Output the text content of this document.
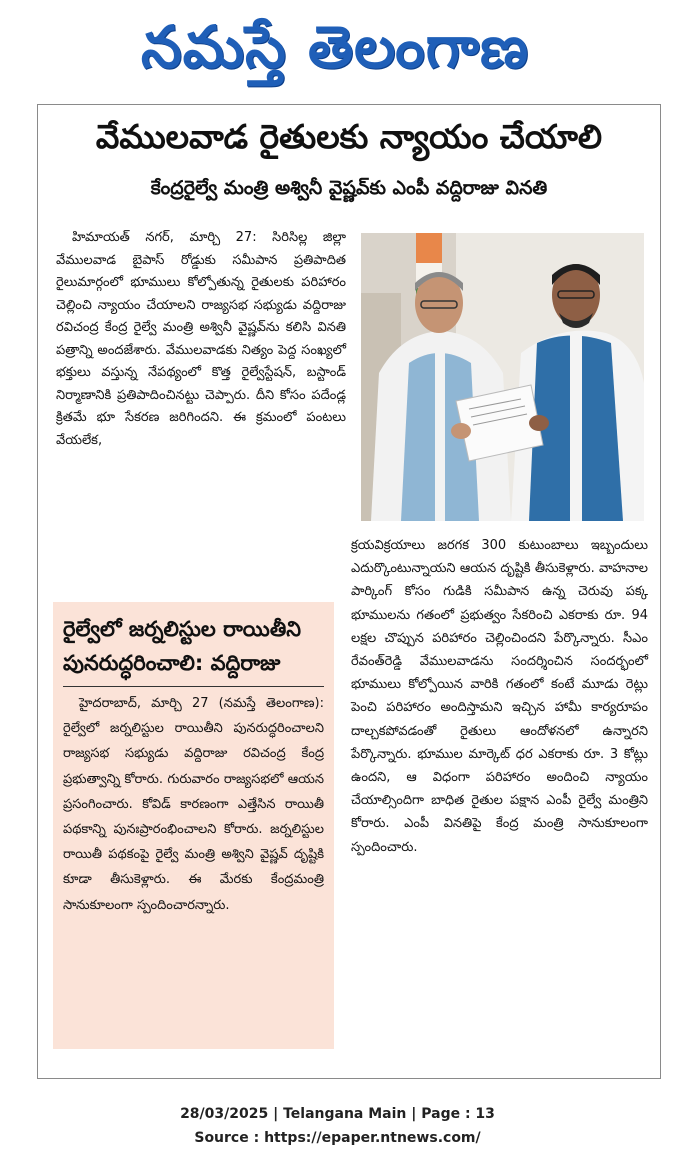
నమస్తే తెలంగాణ
వేములవాడ రైతులకు న్యాయం చేయాలి
కేంద్రరైల్వే మంత్రి అశ్వినీ వైష్ణవ్‌కు ఎంపీ వద్దిరాజు వినతి

హిమాయత్ నగర్, మార్చి 27: సిరిసిల్ల జిల్లా వేములవాడ బైపాస్ రోడ్డుకు సమీపాన ప్రతిపాదిత రైలుమార్గంలో భూములు కోల్పోతున్న రైతులకు పరిహారం చెల్లించి న్యాయం చేయాలని రాజ్యసభ సభ్యుడు వద్దిరాజు రవిచంద్ర కేంద్ర రైల్వే మంత్రి అశ్వినీ వైష్ణవ్‌ను కలిసి వినతి పత్రాన్ని అందజేశారు. వేములవాడకు నిత్యం పెద్ద సంఖ్యలో భక్తులు వస్తున్న నేపథ్యంలో కొత్త రైల్వేస్టేషన్, బస్టాండ్ నిర్మాణానికి ప్రతిపాదించినట్టు చెప్పారు. దీని కోసం పదేండ్ల క్రితమే భూ సేకరణ జరిగిందని. ఈ క్రమంలో పంటలు వేయలేక,

క్రయవిక్రయాలు జరగక 300 కుటుంబాలు ఇబ్బందులు ఎదుర్కొంటున్నాయని ఆయన దృష్టికి తీసుకెళ్లారు. వాహనాల పార్కింగ్ కోసం గుడికి సమీపాన ఉన్న చెరువు పక్క భూములను గతంలో ప్రభుత్వం సేకరించి ఎకరాకు రూ. 94 లక్షల చొప్పున పరిహారం చెల్లించిందని పేర్కొన్నారు. సీఎం రేవంత్‌రెడ్డి వేములవాడను సందర్శించిన సందర్భంలో భూములు కోల్పోయిన వారికి గతంలో కంటే మూడు రెట్లు పెంచి పరిహారం అందిస్తామని ఇచ్చిన హామీ కార్యరూపం దాల్చకపోవడంతో రైతులు ఆందోళనలో ఉన్నారని పేర్కొన్నారు. భూముల మార్కెట్ ధర ఎకరాకు రూ. 3 కోట్లు ఉందని, ఆ విధంగా పరిహారం అందించి న్యాయం చేయాల్సిందిగా బాధిత రైతుల పక్షాన ఎంపీ రైల్వే మంత్రిని కోరారు. ఎంపీ వినతిపై కేంద్ర మంత్రి సానుకూలంగా స్పందించారు.

రైల్వేలో జర్నలిస్టుల రాయితీని పునరుద్ధరించాలి: వద్దిరాజు

హైదరాబాద్, మార్చి 27 (నమస్తే తెలంగాణ): రైల్వేలో జర్నలిస్టుల రాయితీని పునరుద్ధరించాలని రాజ్యసభ సభ్యుడు వద్దిరాజు రవిచంద్ర కేంద్ర ప్రభుత్వాన్ని కోరారు. గురువారం రాజ్యసభలో ఆయన ప్రసంగించారు. కోవిడ్ కారణంగా ఎత్తేసిన రాయితీ పథకాన్ని పునఃప్రారంభించాలని కోరారు. జర్నలిస్టుల రాయితీ పథకంపై రైల్వే మంత్రి అశ్విని వైష్ణవ్ దృష్టికి కూడా తీసుకెళ్లారు. ఈ మేరకు కేంద్రమంత్రి సానుకూలంగా స్పందించారన్నారు.

28/03/2025 | Telangana Main | Page : 13
Source : https://epaper.ntnews.com/
